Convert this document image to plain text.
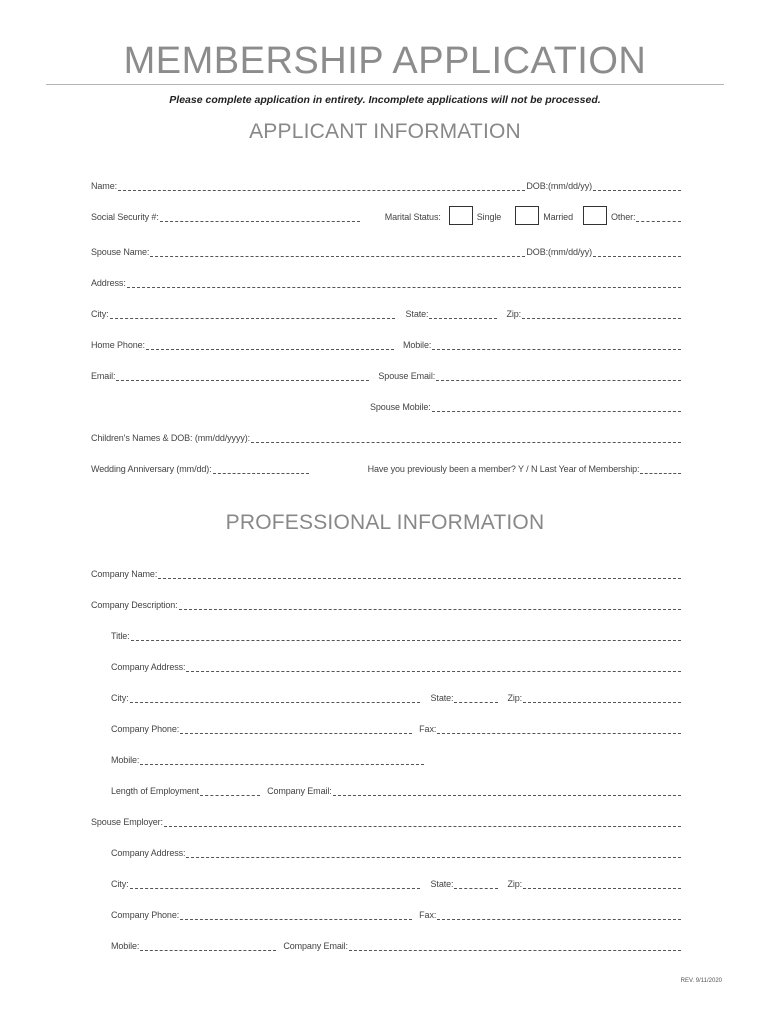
MEMBERSHIP APPLICATION
Please complete application in entirety. Incomplete applications will not be processed.
APPLICANT INFORMATION
Name:	DOB:(mm/dd/yy)
Social Security #:	Marital Status:	Single	Married	Other:
Spouse Name:	DOB:(mm/dd/yy)
Address:
City:	State:	Zip:
Home Phone:	Mobile:
Email:	Spouse Email:
Spouse Mobile:
Children's Names & DOB: (mm/dd/yyyy):
Wedding Anniversary (mm/dd):	Have you previously been a member? Y / N Last Year of Membership:
PROFESSIONAL INFORMATION
Company Name:
Company Description:
Title:
Company Address:
City:	State:	Zip:
Company Phone:	Fax:
Mobile:
Length of Employment	Company Email:
Spouse Employer:
Company Address:
City:	State:	Zip:
Company Phone:	Fax:
Mobile:	Company Email:
REV. 9/11/2020
